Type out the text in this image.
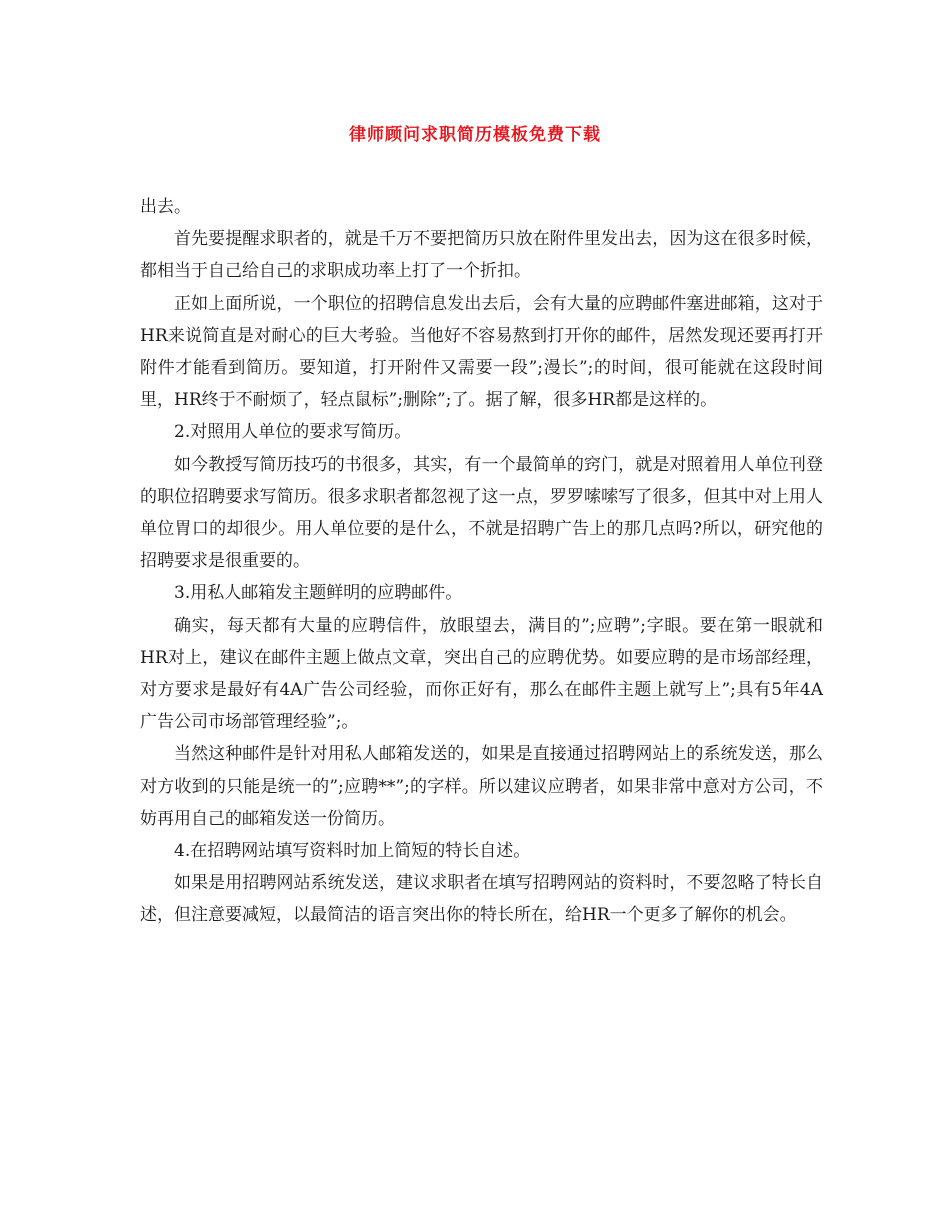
律师顾问求职简历模板免费下载

出去。

首先要提醒求职者的，就是千万不要把简历只放在附件里发出去，因为这在很多时候，都相当于自己给自己的求职成功率上打了一个折扣。

正如上面所说，一个职位的招聘信息发出去后，会有大量的应聘邮件塞进邮箱，这对于HR来说简直是对耐心的巨大考验。当他好不容易熬到打开你的邮件，居然发现还要再打开附件才能看到简历。要知道，打开附件又需要一段”;漫长”;的时间，很可能就在这段时间里，HR终于不耐烦了，轻点鼠标”;删除”;了。据了解，很多HR都是这样的。

2.对照用人单位的要求写简历。

如今教授写简历技巧的书很多，其实，有一个最简单的窍门，就是对照着用人单位刊登的职位招聘要求写简历。很多求职者都忽视了这一点，罗罗嗦嗦写了很多，但其中对上用人单位胃口的却很少。用人单位要的是什么，不就是招聘广告上的那几点吗?所以，研究他的招聘要求是很重要的。

3.用私人邮箱发主题鲜明的应聘邮件。

确实，每天都有大量的应聘信件，放眼望去，满目的”;应聘”;字眼。要在第一眼就和HR对上，建议在邮件主题上做点文章，突出自己的应聘优势。如要应聘的是市场部经理，对方要求是最好有4A广告公司经验，而你正好有，那么在邮件主题上就写上”;具有5年4A广告公司市场部管理经验”;。

当然这种邮件是针对用私人邮箱发送的，如果是直接通过招聘网站上的系统发送，那么对方收到的只能是统一的”;应聘**”;的字样。所以建议应聘者，如果非常中意对方公司，不妨再用自己的邮箱发送一份简历。

4.在招聘网站填写资料时加上简短的特长自述。

如果是用招聘网站系统发送，建议求职者在填写招聘网站的资料时，不要忽略了特长自述，但注意要减短，以最简洁的语言突出你的特长所在，给HR一个更多了解你的机会。
